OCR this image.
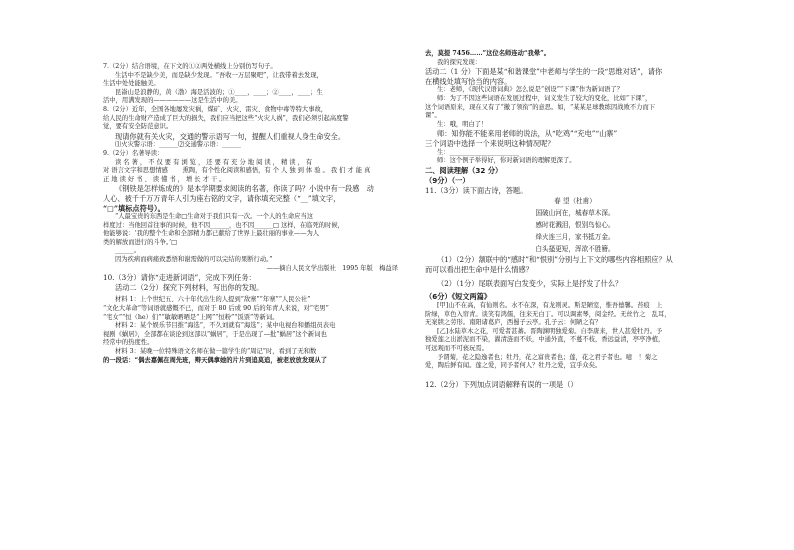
7.（2分）结合语境，在下文的①②两处横线上分别仿写句子。

生活中不是缺少美，而是缺少发现。“吾收一万层聚吧”，让我带着去发现，

生活中处处能触美。

昆嵛山是浪静的，黄（渤）海是活波的；①____，____；②____，____；生

活中，用满发现的——————这是生活中的美。

8.（2分）近年，全国各地屡发灾祸，煤矿、火灾、雷灾、食物中毒等特大事故，

给人民的生命财产造成了巨大的损失，我们应当把这些“火灾人祸”，我们必须引起高度警

觉，要有安全防范意识。

现请你就有关火灾，交通的警示语写一句，提醒人们重视人身生命安全。

⑴火灾警示语：______⑵交通警示语：______

9.（2分）名著导读：

读 名 著 ， 不 仅 要 有 浏 览 ， 还 要 有 充 分 地 阅 读 ， 精 读 ， 有

对 语言文字和思想情感　　 熏陶，有个性化阅读和感悟，有 个 人 独 到 体 验 。 我 们 才 能 真

正 地 读 好 书 、 读 懂 书 ， 增 长 才 干 。

《钢铁是怎样炼成的》是本学期要求阅读的名著，你读了吗？小说中有一段感　动

人心、被千千万万青年人引为座右铭的文字，请你填充完整（“__”填文字，

“□”填标点符号）。

“人最宝贵的东西是生命□生命对于我们只有一次。一个人的生命应当这

样度过：当他回首往事的时候，他不因______，也不因______□ 这样，在临死的时候，

他能够说：‘我的整个生命和全部精力都已献给了世界上最壮丽的事业——为人

类的解放而进行的斗争。’□

______。

因为疾病而病痛致悉悟和谢需做的可以完结的果断行动。”

——摘自人民文学出版社　1995 年版　梅益译

10.（3分）请你“走进新词语”，完成下列任务：

活动二（2分）探究下列材料，写出你的发现。

材料 1：上个世纪五、六十年代出生的人提到“敌寨”“年寨”“人民公社”

“文化大革命”等词语就感慨不已，而对于 80 后或 90 后的年青人来说，对“宅男”

“宅女”“恒（he）们”“敏敏晒晒是“上网”“恒粉”“饭票”等新词。

材料 2：某个娱乐节目推“海选”，不久刘就有“海选”；某中电视台和播组员表电

视剧《蜗居》，全部都在谈论到这部以“蜗居”，于是出现了—批“蜗居”这个新词也

经常中的热度性。

材料 3：某晚一位特殊语文名师在做一篇学生的“周记”时，看到了无和数

的一段话：“偶去嘉佩在周先班，辩天偶拿她的片片到追莫追，被老放放发现从了

去，莫提 7456……”这位名师连动“我晕”。

我的探究发现：

活动二（1 分）下面是某“和谐课堂”中老师与学生的一段“思维对话”，请你

在横线处填写恰当的内容。

生：老师，《现代汉语词典》怎么说是“创设”“下课”作为新词语了？

师：为了不因这些词语在发展过程中，词义发生了较大的变化，比如“下课”，

这个词语原来，现在又有了“撤了领衔”的意思。如，“某某足球教练因战败不力而下

课”。

生：哦，明白了！

师：知你能不能来用老师的说法，从“吃鸡”“充电”“山寨”

三个词语中选择一个来说明这种情况呢？

生：______________________

师：这个例子举得好，你对新词语的理解更深了。

二、阅读理解（32 分）

（9分）（一）

11.（3分）读下面古诗，答题。

春 望（杜甫）

国破山河在，城春草木深。

感时花溅泪，恨别鸟惊心。

烽火连三月，家书抵万金。

白头搔更短，浑欲不胜簪。

（1）（2分）颔联中的“感时”和“恨别”分别与上下文的哪些内容相照应？从

而可以看出把生命中是什么情感？

（2）（1分）尾联表面写白发变少，实际上是抒发了什么？

（6分）《短文两篇》

[甲]山不在高，有仙则名。水不在深，有龙则灵。斯是陋室，惟吾德馨。苔痕　上

阶绿，草色入帘青。谈笑有鸿儒，往来无白丁。可以调素琴，阅金经。无丝竹之　乱耳，

无案牍之劳形。南阳诸葛庐，西蜀子云亭。孔子云：何陋之有？

[乙]水陆草木之花，可爱者甚蕃。晋陶渊明独爱菊。自李唐来，世人甚爱牡丹。予

独爱莲之出淤泥而不染，濯清涟而不妖，中通外直，不蔓不枝，香远益清，亭亭净植，

可远观而不可亵玩焉。

予谓菊，花之隐逸者也；牡丹，花之富贵者也；莲，花之君子者也。噫　！菊之

爱，陶后鲜有闻。莲之爱，同予者何人？牡丹之爱，宜乎众矣。

12.（2分）下列加点词语解释有误的一项是（）
